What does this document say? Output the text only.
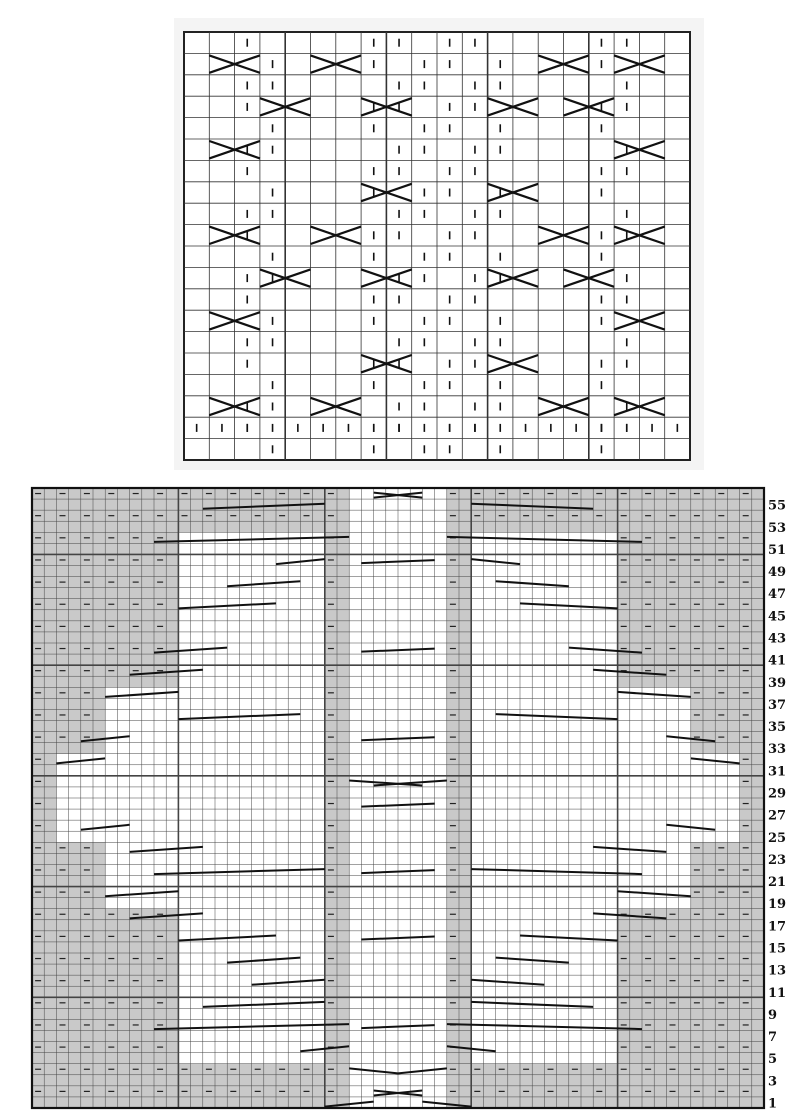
55
53
51
49
47
45
43
41
39
37
35
33
31
29
27
25
23
21
19
17
15
13
11
9
7
5
3
1
